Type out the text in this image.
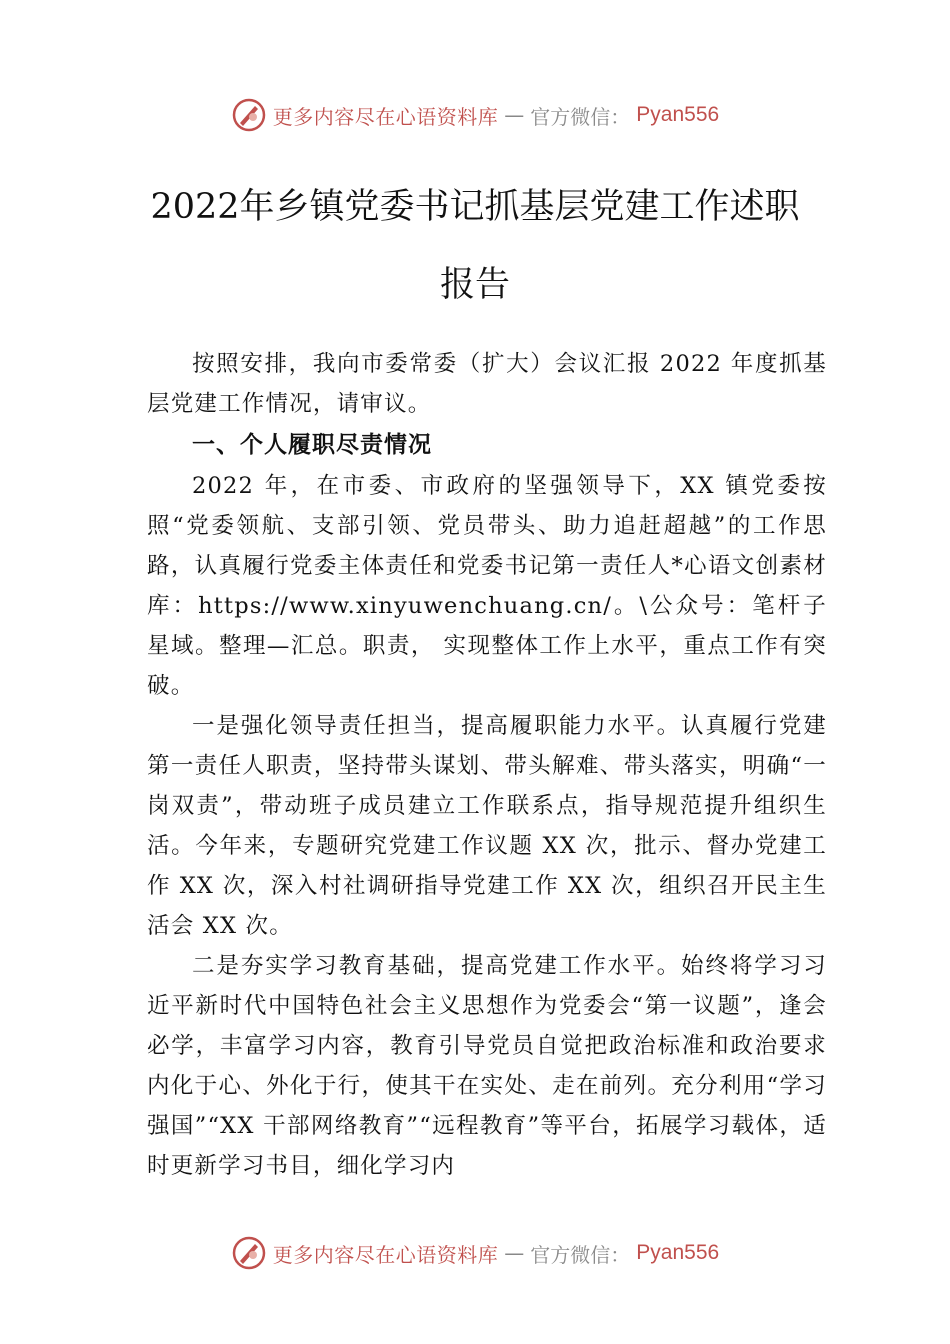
更多内容尽在心语资料库 — 官方微信： Pyan556
2022年乡镇党委书记抓基层党建工作述职
报告

按照安排，我向市委常委（扩大）会议汇报 2022 年度抓基层党建工作情况，请审议。

一、个人履职尽责情况

2022 年，在市委、市政府的坚强领导下，XX 镇党委按照“党委领航、支部引领、党员带头、助力追赶超越”的工作思路，认真履行党委主体责任和党委书记第一责任人*心语文创素材库：https://www.xinyuwenchuang.cn/。\公众号：笔杆子星域。整理—汇总。职责， 实现整体工作上水平，重点工作有突破。

一是强化领导责任担当，提高履职能力水平。认真履行党建第一责任人职责，坚持带头谋划、带头解难、带头落实，明确“一岗双责”，带动班子成员建立工作联系点，指导规范提升组织生活。今年来，专题研究党建工作议题 XX 次，批示、督办党建工作 XX 次，深入村社调研指导党建工作 XX 次，组织召开民主生活会 XX 次。

二是夯实学习教育基础，提高党建工作水平。始终将学习习近平新时代中国特色社会主义思想作为党委会“第一议题”，逢会必学，丰富学习内容，教育引导党员自觉把政治标准和政治要求内化于心、外化于行，使其干在实处、走在前列。充分利用“学习强国”“XX 干部网络教育”“远程教育”等平台，拓展学习载体，适时更新学习书目，细化学习内

更多内容尽在心语资料库 — 官方微信： Pyan556
